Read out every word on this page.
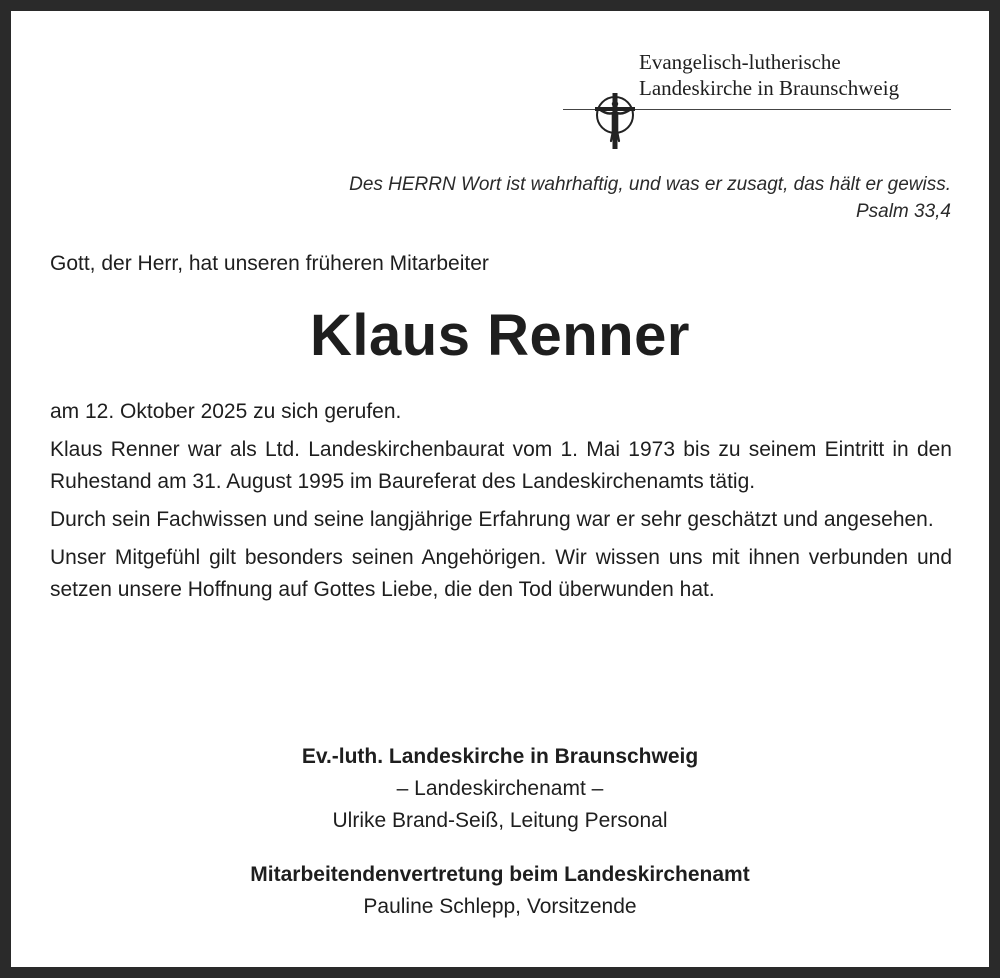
Evangelisch-lutherische
Landeskirche in Braunschweig
Des HERRN Wort ist wahrhaftig, und was er zusagt, das hält er gewiss.
Psalm 33,4
Gott, der Herr, hat unseren früheren Mitarbeiter
Klaus Renner

am 12. Oktober 2025 zu sich gerufen.

Klaus Renner war als Ltd. Landeskirchenbaurat vom 1. Mai 1973 bis zu seinem Eintritt in den Ruhestand am 31. August 1995 im Baureferat des Landeskirchenamts tätig.

Durch sein Fachwissen und seine langjährige Erfahrung war er sehr geschätzt und angesehen.

Unser Mitgefühl gilt besonders seinen Angehörigen. Wir wissen uns mit ihnen verbunden und setzen unsere Hoffnung auf Gottes Liebe, die den Tod überwunden hat.

Ev.-luth. Landeskirche in Braunschweig
– Landeskirchenamt –
Ulrike Brand-Seiß, Leitung Personal
Mitarbeitendenvertretung beim Landeskirchenamt
Pauline Schlepp, Vorsitzende
